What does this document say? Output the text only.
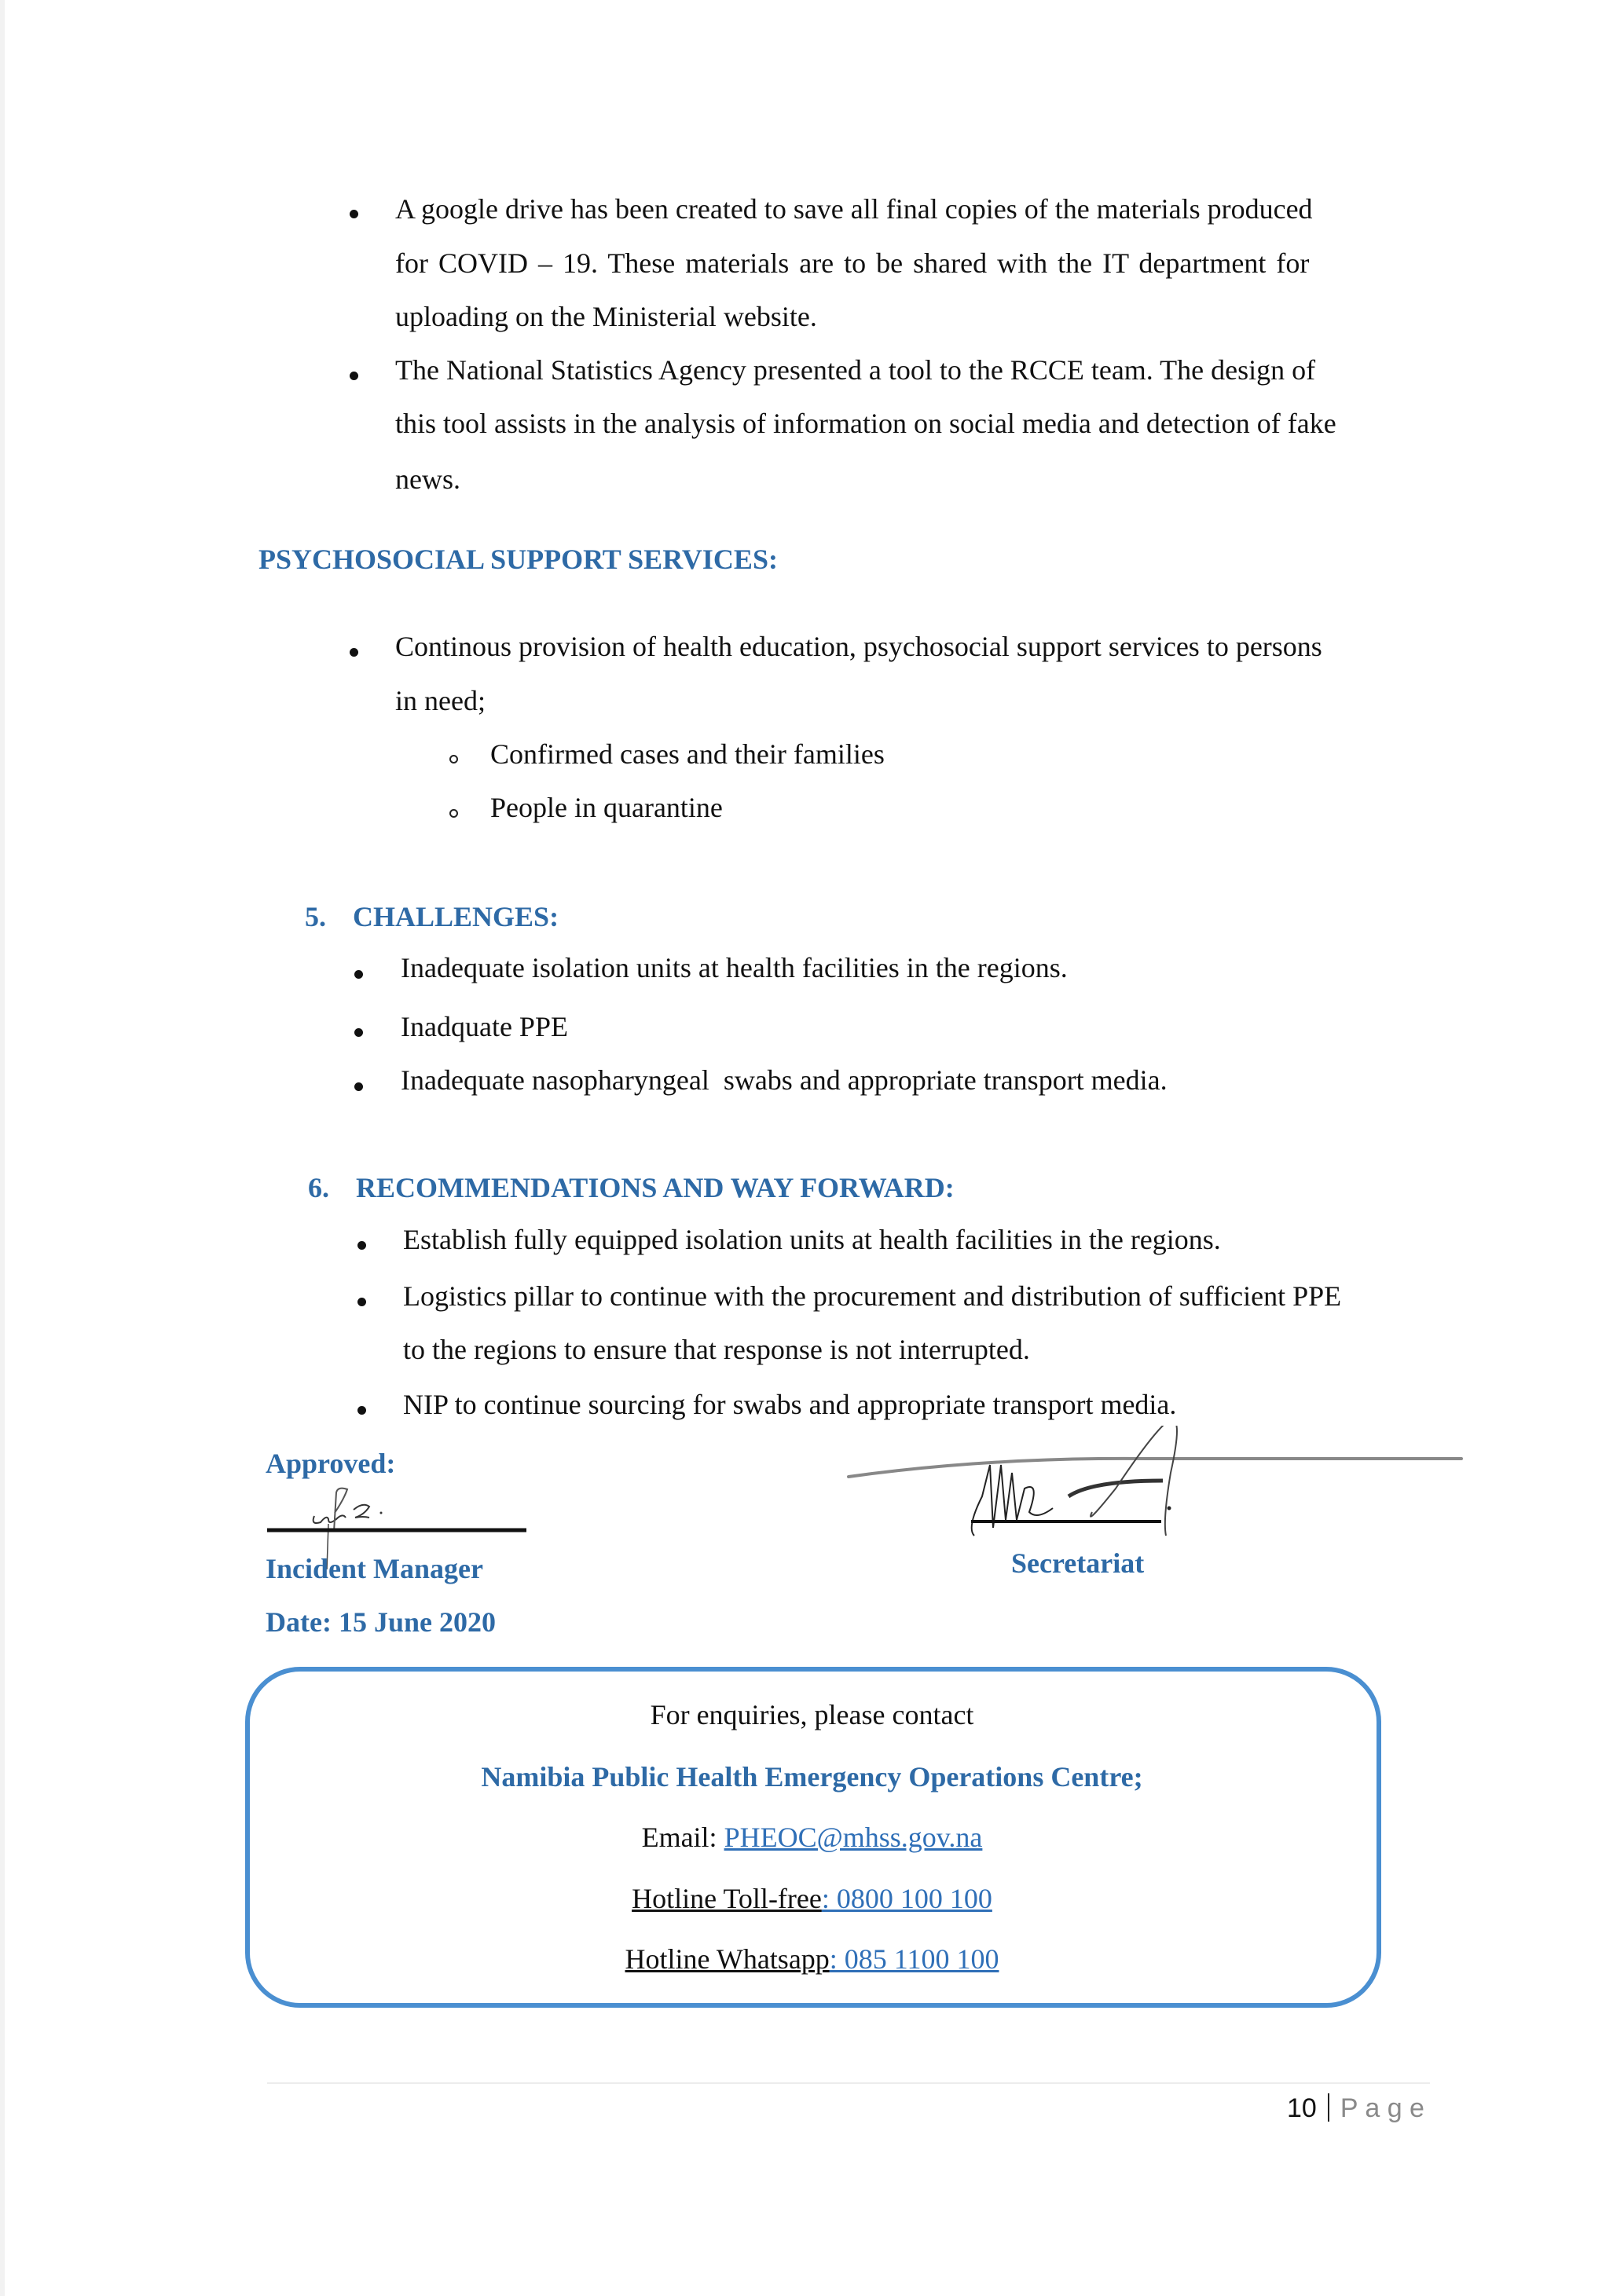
A google drive has been created to save all final copies of the materials produced
for COVID – 19. These materials are to be shared with the IT department for
uploading on the Ministerial website.
The National Statistics Agency presented a tool to the RCCE team. The design of
this tool assists in the analysis of information on social media and detection of fake
news.
PSYCHOSOCIAL SUPPORT SERVICES:
Continous provision of health education, psychosocial support services to persons
in need;
Confirmed cases and their families
People in quarantine
5. CHALLENGES:
Inadequate isolation units at health facilities in the regions.
Inadquate PPE
Inadequate nasopharyngeal  swabs and appropriate transport media.
6. RECOMMENDATIONS AND WAY FORWARD:
Establish fully equipped isolation units at health facilities in the regions.
Logistics pillar to continue with the procurement and distribution of sufficient PPE
to the regions to ensure that response is not interrupted.
NIP to continue sourcing for swabs and appropriate transport media.
Approved:
Incident Manager
Date: 15 June 2020
Secretariat
For enquiries, please contact
Namibia Public Health Emergency Operations Centre;
Email: PHEOC@mhss.gov.na
Hotline Toll-free: 0800 100 100
Hotline Whatsapp: 085 1100 100
10 P a g e
